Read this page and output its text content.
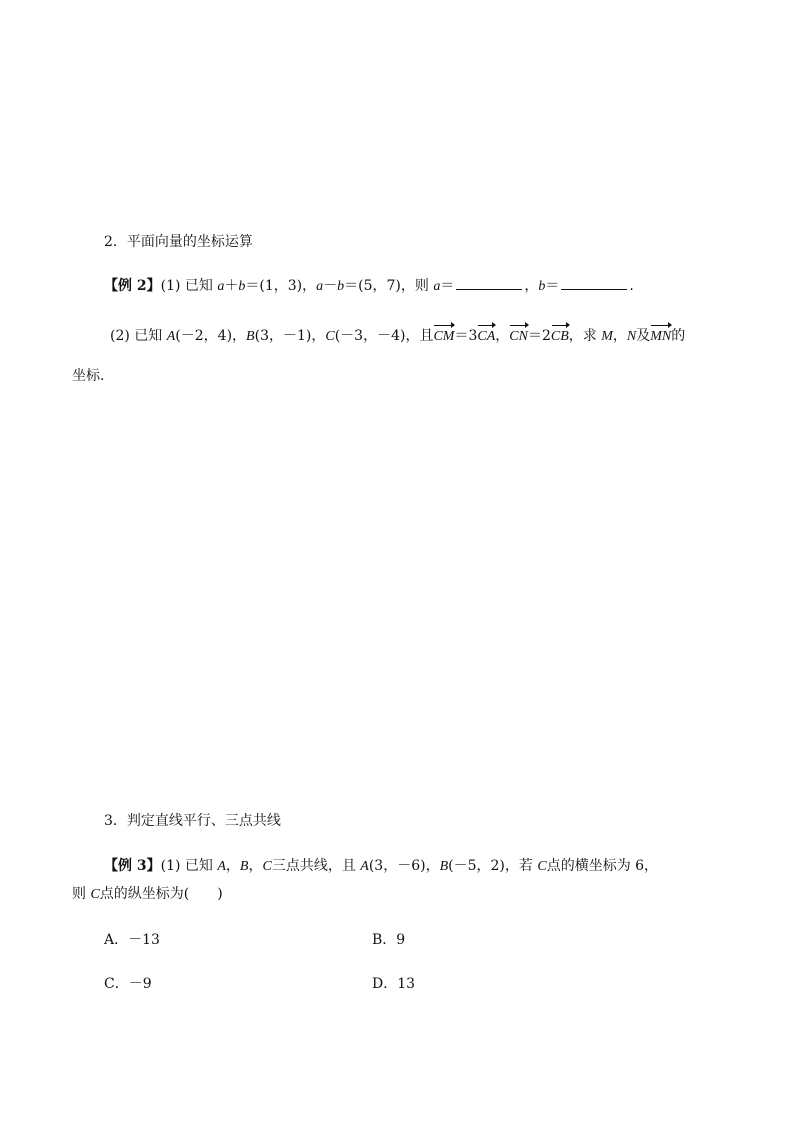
2．平面向量的坐标运算
【例 2】(1) 已知 a＋b＝(1，3)，a－b＝(5，7)，则 a＝	，b＝	.
(2) 已知 A(－2，4)，B(3，－1)，C(－3，－4)，且CM＝3CA，CN＝2CB，求 M，N及MN的
坐标.
3．判定直线平行、三点共线
【例 3】(1) 已知 A，B，C三点共线，且 A(3，－6)，B(－5，2)，若 C点的横坐标为 6，
则 C点的纵坐标为(　　)
A．－13	B．9
C．－9	D．13
